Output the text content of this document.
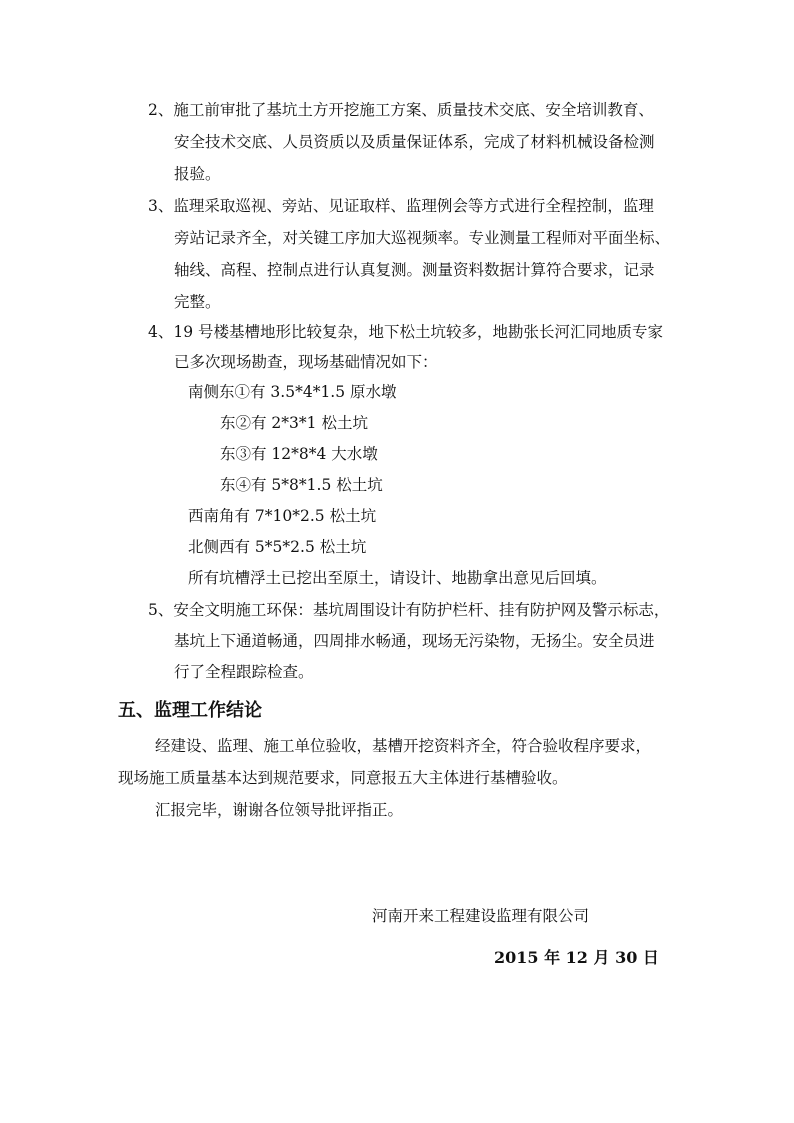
2、施工前审批了基坑土方开挖施工方案、质量技术交底、安全培训教育、
安全技术交底、人员资质以及质量保证体系，完成了材料机械设备检测
报验。
3、监理采取巡视、旁站、见证取样、监理例会等方式进行全程控制，监理
旁站记录齐全，对关键工序加大巡视频率。专业测量工程师对平面坐标、
轴线、高程、控制点进行认真复测。测量资料数据计算符合要求，记录
完整。
4、19 号楼基槽地形比较复杂，地下松土坑较多，地勘张长河汇同地质专家
已多次现场勘查，现场基础情况如下：
南侧东①有 3.5*4*1.5 原水墩
东②有 2*3*1 松土坑
东③有 12*8*4 大水墩
东④有 5*8*1.5 松土坑
西南角有 7*10*2.5 松土坑
北侧西有 5*5*2.5 松土坑
所有坑槽浮土已挖出至原土，请设计、地勘拿出意见后回填。
5、安全文明施工环保：基坑周围设计有防护栏杆、挂有防护网及警示标志，
基坑上下通道畅通，四周排水畅通，现场无污染物，无扬尘。安全员进
行了全程跟踪检查。
五、监理工作结论
经建设、监理、施工单位验收，基槽开挖资料齐全，符合验收程序要求，
现场施工质量基本达到规范要求，同意报五大主体进行基槽验收。
汇报完毕，谢谢各位领导批评指正。
河南开来工程建设监理有限公司
2015 年 12 月 30 日
